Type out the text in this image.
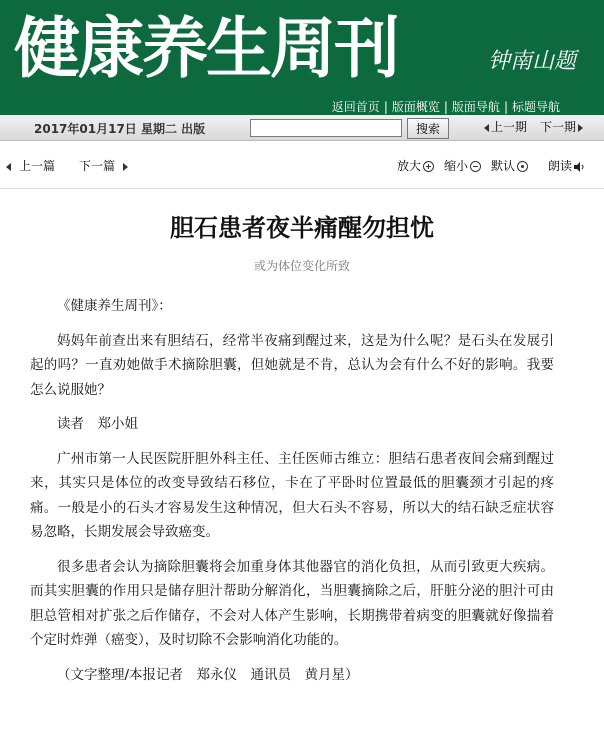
健康养生周刊	钟南山题
返回首页 | 版面概览 | 版面导航 | 标题导航
2017年01月17日 星期二 出版	搜索	上一期 下一期
上一篇 下一篇	放大	缩小	默认	朗读
胆石患者夜半痛醒勿担忧
或为体位变化所致

《健康养生周刊》：

妈妈年前查出来有胆结石，经常半夜痛到醒过来，这是为什么呢？是石头在发展引起的吗？一直劝她做手术摘除胆囊，但她就是不肯，总认为会有什么不好的影响。我要怎么说服她？

读者　郑小姐

广州市第一人民医院肝胆外科主任、主任医师古维立：胆结石患者夜间会痛到醒过来，其实只是体位的改变导致结石移位，卡在了平卧时位置最低的胆囊颈才引起的疼痛。一般是小的石头才容易发生这种情况，但大石头不容易，所以大的结石缺乏症状容易忽略，长期发展会导致癌变。

很多患者会认为摘除胆囊将会加重身体其他器官的消化负担，从而引致更大疾病。而其实胆囊的作用只是储存胆汁帮助分解消化，当胆囊摘除之后，肝脏分泌的胆汁可由胆总管相对扩张之后作储存，不会对人体产生影响，长期携带着病变的胆囊就好像揣着个定时炸弹（癌变），及时切除不会影响消化功能的。

（文字整理/本报记者　郑永仪　通讯员　黄月星）
